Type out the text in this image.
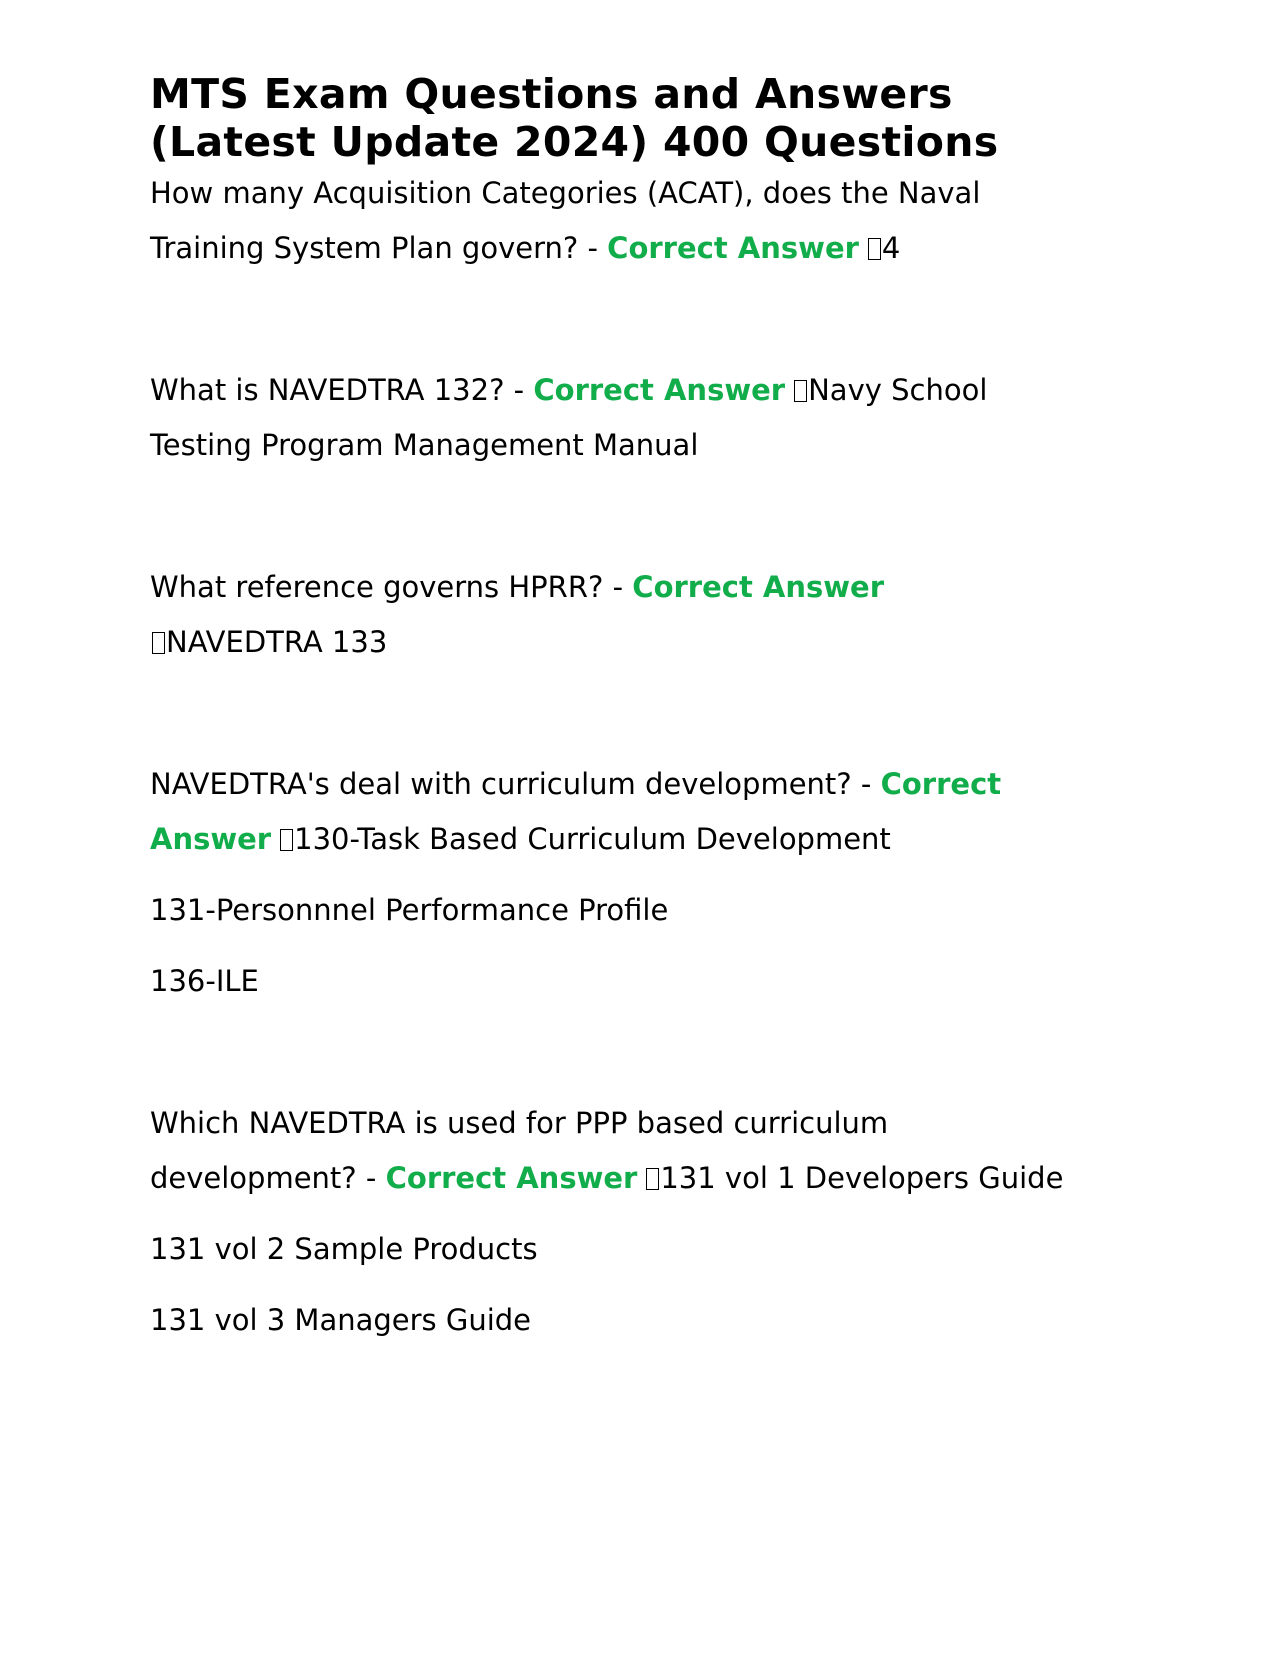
MTS Exam Questions and Answers
(Latest Update 2024) 400 Questions

How many Acquisition Categories (ACAT), does the Naval Training System Plan govern? - Correct Answer 4

What is NAVEDTRA 132? - Correct Answer Navy School Testing Program Management Manual

What reference governs HPRR? - Correct Answer
NAVEDTRA 133

NAVEDTRA's deal with curriculum development? - Correct Answer 130-Task Based Curriculum Development

131-Personnnel Performance Profile

136-ILE

Which NAVEDTRA is used for PPP based curriculum development? - Correct Answer 131 vol 1 Developers Guide

131 vol 2 Sample Products

131 vol 3 Managers Guide
